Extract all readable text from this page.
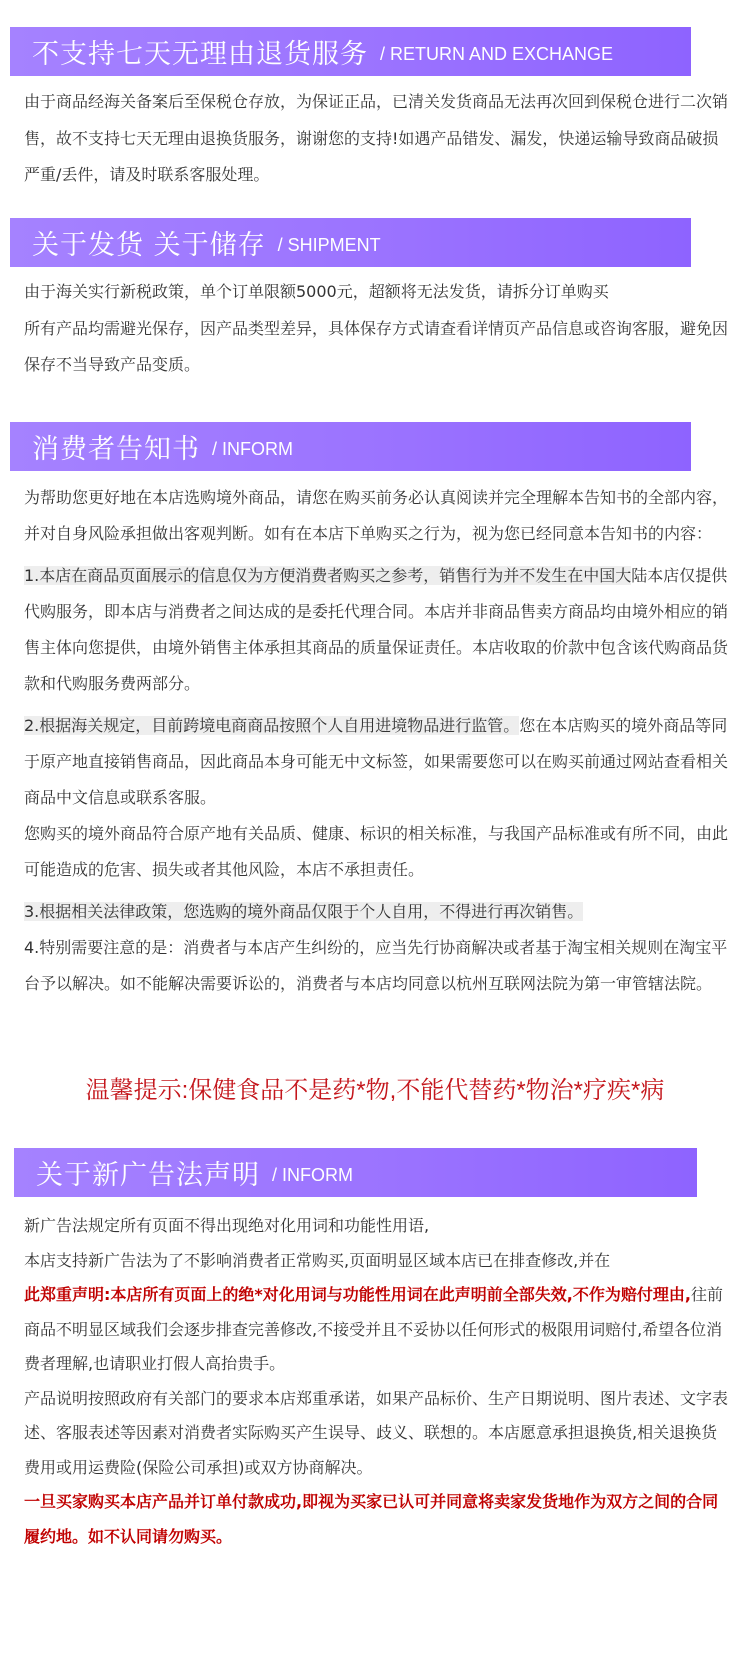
不支持七天无理由退货服务 / RETURN AND EXCHANGE

由于商品经海关备案后至保税仓存放，为保证正品，已清关发货商品无法再次回到保税仓进行二次销售，故不支持七天无理由退换货服务，谢谢您的支持!如遇产品错发、漏发，快递运输导致商品破损严重/丢件，请及时联系客服处理。

关于发货 关于储存 / SHIPMENT

由于海关实行新税政策，单个订单限额5000元，超额将无法发货，请拆分订单购买

所有产品均需避光保存，因产品类型差异，具体保存方式请查看详情页产品信息或咨询客服，避免因保存不当导致产品变质。

消费者告知书 / INFORM

为帮助您更好地在本店选购境外商品，请您在购买前务必认真阅读并完全理解本告知书的全部内容，并对自身风险承担做出客观判断。如有在本店下单购买之行为，视为您已经同意本告知书的内容：

1.本店在商品页面展示的信息仅为方便消费者购买之参考，销售行为并不发生在中国大陆本店仅提供代购服务，即本店与消费者之间达成的是委托代理合同。本店并非商品售卖方商品均由境外相应的销售主体向您提供，由境外销售主体承担其商品的质量保证责任。本店收取的价款中包含该代购商品货款和代购服务费两部分。

2.根据海关规定，目前跨境电商商品按照个人自用进境物品进行监管。您在本店购买的境外商品等同于原产地直接销售商品，因此商品本身可能无中文标签，如果需要您可以在购买前通过网站查看相关商品中文信息或联系客服。

您购买的境外商品符合原产地有关品质、健康、标识的相关标准，与我国产品标准或有所不同，由此可能造成的危害、损失或者其他风险，本店不承担责任。

3.根据相关法律政策，您选购的境外商品仅限于个人自用，不得进行再次销售。

4.特别需要注意的是：消费者与本店产生纠纷的，应当先行协商解决或者基于淘宝相关规则在淘宝平台予以解决。如不能解决需要诉讼的，消费者与本店均同意以杭州互联网法院为第一审管辖法院。

温馨提示:保健食品不是药*物,不能代替药*物治*疗疾*病
关于新广告法声明 / INFORM

新广告法规定所有页面不得出现绝对化用词和功能性用语,

本店支持新广告法为了不影响消费者正常购买,页面明显区域本店已在排查修改,并在

此郑重声明:本店所有页面上的绝*对化用词与功能性用词在此声明前全部失效,不作为赔付理由,往前商品不明显区域我们会逐步排查完善修改,不接受并且不妥协以任何形式的极限用词赔付,希望各位消费者理解,也请职业打假人高抬贵手。

产品说明按照政府有关部门的要求本店郑重承诺，如果产品标价、生产日期说明、图片表述、文字表述、客服表述等因素对消费者实际购买产生误导、歧义、联想的。本店愿意承担退换货,相关退换货费用或用运费险(保险公司承担)或双方协商解决。

一旦买家购买本店产品并订单付款成功,即视为买家已认可并同意将卖家发货地作为双方之间的合同履约地。如不认同请勿购买。
